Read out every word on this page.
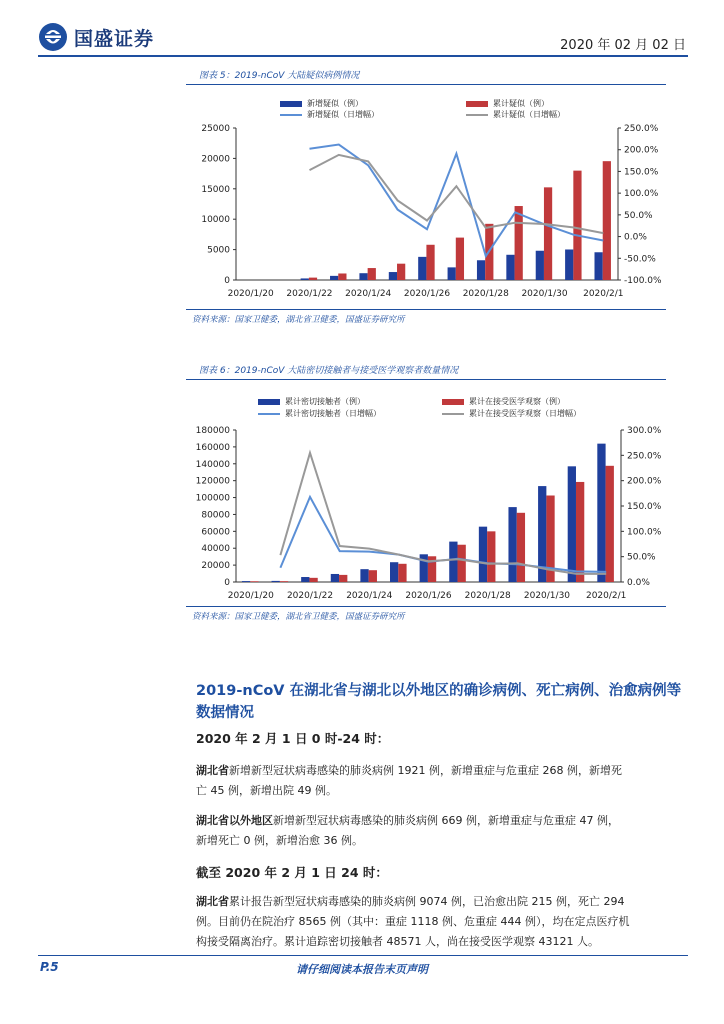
国盛证券	2020 年 02 月 02 日
图表 5：2019-nCoV 大陆疑似病例情况
新增疑似（例）	累计疑似（例）
新增疑似（日增幅）	累计疑似（日增幅）
0
5000
10000
15000
20000
25000
-100.0%
-50.0%
0.0%
50.0%
100.0%
150.0%
200.0%
250.0%
2020/1/20 2020/1/22 2020/1/24 2020/1/26 2020/1/28 2020/1/30 2020/2/1
资料来源：国家卫健委，湖北省卫健委，国盛证券研究所
图表 6：2019-nCoV 大陆密切接触者与接受医学观察者数量情况
累计密切接触者（例）	累计在接受医学观察（例）
累计密切接触者（日增幅）	累计在接受医学观察（日增幅）
0
20000
40000
60000
80000
100000
120000
140000
160000
180000
0.0%
50.0%
100.0%
150.0%
200.0%
250.0%
300.0%
2020/1/20 2020/1/22 2020/1/24 2020/1/26 2020/1/28 2020/1/30 2020/2/1
资料来源：国家卫健委，湖北省卫健委，国盛证券研究所
2019-nCoV 在湖北省与湖北以外地区的确诊病例、死亡病例、治愈病例等
数据情况
2020 年 2 月 1 日 0 时-24 时：
湖北省新增新型冠状病毒感染的肺炎病例 1921 例，新增重症与危重症 268 例，新增死
亡 45 例，新增出院 49 例。
湖北省以外地区新增新型冠状病毒感染的肺炎病例 669 例，新增重症与危重症 47 例，
新增死亡 0 例，新增治愈 36 例。
截至 2020 年 2 月 1 日 24 时：
湖北省累计报告新型冠状病毒感染的肺炎病例 9074 例，已治愈出院 215 例，死亡 294
例。目前仍在院治疗 8565 例（其中：重症 1118 例、危重症 444 例），均在定点医疗机
构接受隔离治疗。累计追踪密切接触者 48571 人，尚在接受医学观察 43121 人。
P.5	请仔细阅读本报告末页声明
